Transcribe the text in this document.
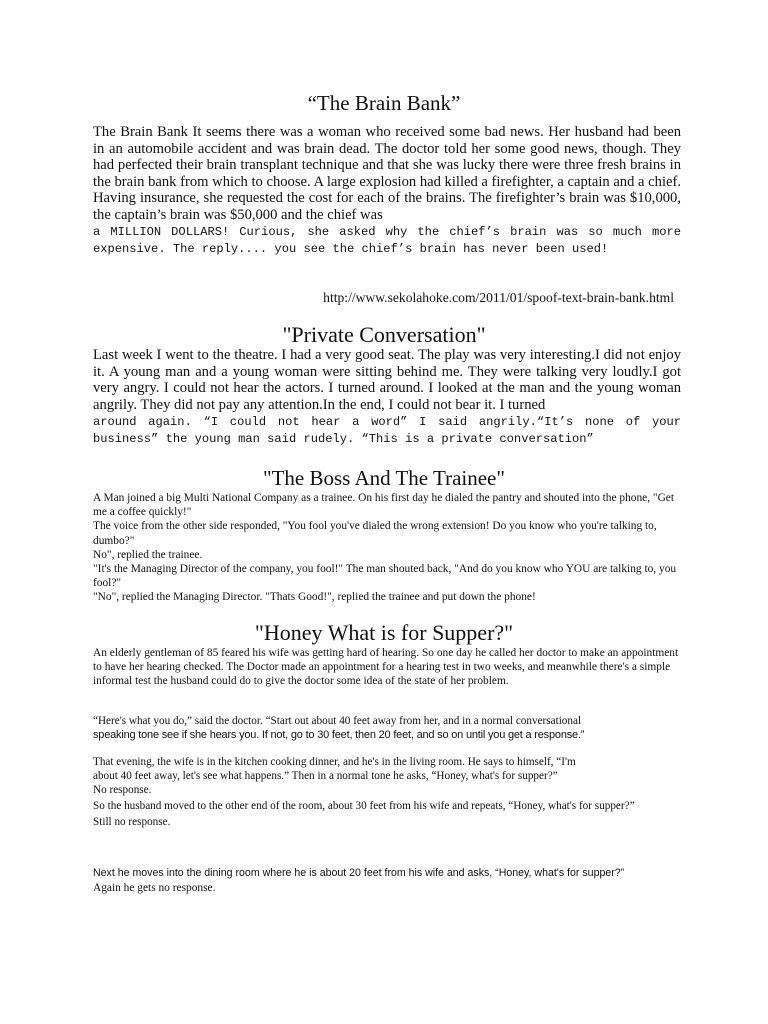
“The Brain Bank”

The Brain Bank It seems there was a woman who received some bad news. Her husband had been in an automobile accident and was brain dead. The doctor told her some good news, though. They had perfected their brain transplant technique and that she was lucky there were three fresh brains in the brain bank from which to choose. A large explosion had killed a firefighter, a captain and a chief. Having insurance, she requested the cost for each of the brains. The firefighter’s brain was $10,000, the captain’s brain was $50,000 and the chief was

a MILLION DOLLARS! Curious, she asked why the chief’s brain was so much more expensive. The reply.... you see the chief’s brain has never been used!

http://www.sekolahoke.com/2011/01/spoof-text-brain-bank.html

"Private Conversation"

Last week I went to the theatre. I had a very good seat. The play was very interesting.I did not enjoy it. A young man and a young woman were sitting behind me. They were talking very loudly.I got very angry. I could not hear the actors. I turned around. I looked at the man and the young woman angrily. They did not pay any attention.In the end, I could not bear it. I turned

around again. “I could not hear a word” I said angrily.“It’s none of your business” the young man said rudely. “This is a private conversation”

"The Boss And The Trainee"
A Man joined a big Multi National Company as a trainee. On his first day he dialed the pantry and shouted into the phone, "Get me a coffee quickly!"
The voice from the other side responded, "You fool you've dialed the wrong extension! Do you know who you're talking to, dumbo?"
No", replied the trainee.
"It's the Managing Director of the company, you fool!" The man shouted back, "And do you know who YOU are talking to, you fool?"
"No", replied the Managing Director. "Thats Good!", replied the trainee and put down the phone!
"Honey What is for Supper?"

An elderly gentleman of 85 feared his wife was getting hard of hearing. So one day he called her doctor to make an appointment to have her hearing checked. The Doctor made an appointment for a hearing test in two weeks, and meanwhile there's a simple informal test the husband could do to give the doctor some idea of the state of her problem.

“Here's what you do,” said the doctor. “Start out about 40 feet away from her, and in a normal conversational
speaking tone see if she hears you. If not, go to 30 feet, then 20 feet, and so on until you get a response.”
That evening, the wife is in the kitchen cooking dinner, and he's in the living room. He says to himself, “I'm
about 40 feet away, let's see what happens.” Then in a normal tone he asks, “Honey, what's for supper?”
No response.
So the husband moved to the other end of the room, about 30 feet from his wife and repeats, “Honey, what's for supper?”
Still no response.
Next he moves into the dining room where he is about 20 feet from his wife and asks, “Honey, what's for supper?”
Again he gets no response.
